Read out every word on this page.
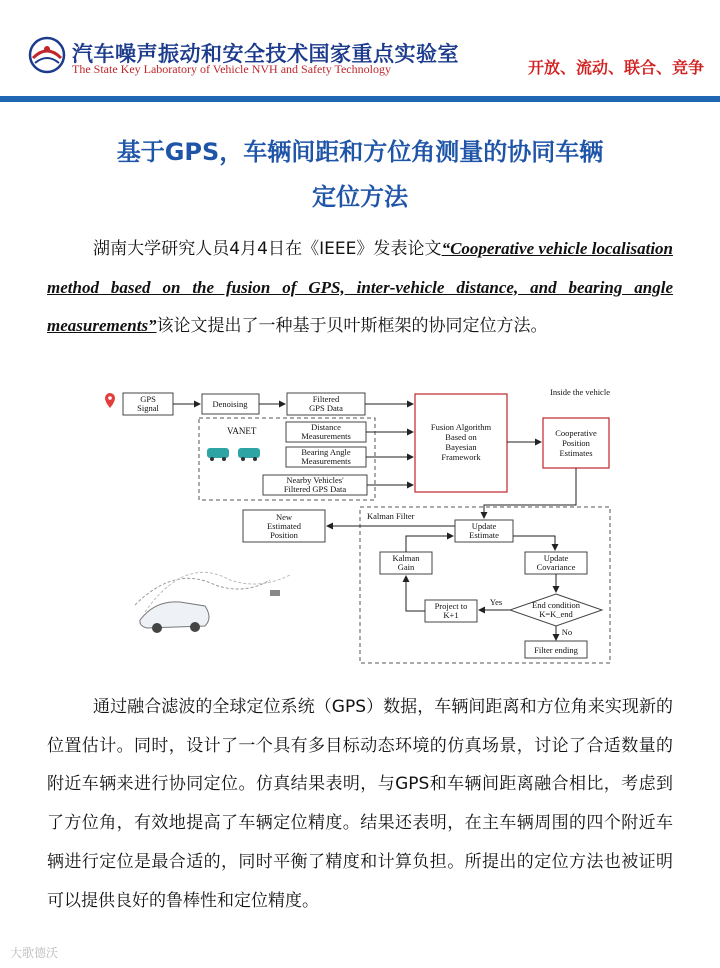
汽车噪声振动和安全技术国家重点实验室
The State Key Laboratory of Vehicle NVH and Safety Technology	开放、流动、联合、竞争
基于GPS，车辆间距和方位角测量的协同车辆
定位方法
湖南大学研究人员4月4日在《IEEE》发表论文“Cooperative vehicle localisation method based on the fusion of GPS, inter-vehicle distance, and bearing angle measurements”该论文提出了一种基于贝叶斯框架的协同定位方法。
Inside the vehicle
GPS
Signal	Denoising	Filtered
GPS Data
VANET	Distance
Measurements
Bearing Angle
Measurements
Nearby Vehicles'
Filtered GPS Data
Fusion Algorithm
Based on
Bayesian
Framework
Cooperative
Position
Estimates
Kalman Filter
New
Estimated
Position
Update
Estimate
Kalman
Gain
Update
Covariance
End condition
K=K_end
Project to
K+1
Yes
No
Filter ending
通过融合滤波的全球定位系统（GPS）数据，车辆间距离和方位角来实现新的位置估计。同时，设计了一个具有多目标动态环境的仿真场景，讨论了合适数量的附近车辆来进行协同定位。仿真结果表明，与GPS和车辆间距离融合相比，考虑到了方位角，有效地提高了车辆定位精度。结果还表明，在主车辆周围的四个附近车辆进行定位是最合适的，同时平衡了精度和计算负担。所提出的定位方法也被证明可以提供良好的鲁棒性和定位精度。
大歌德沃
